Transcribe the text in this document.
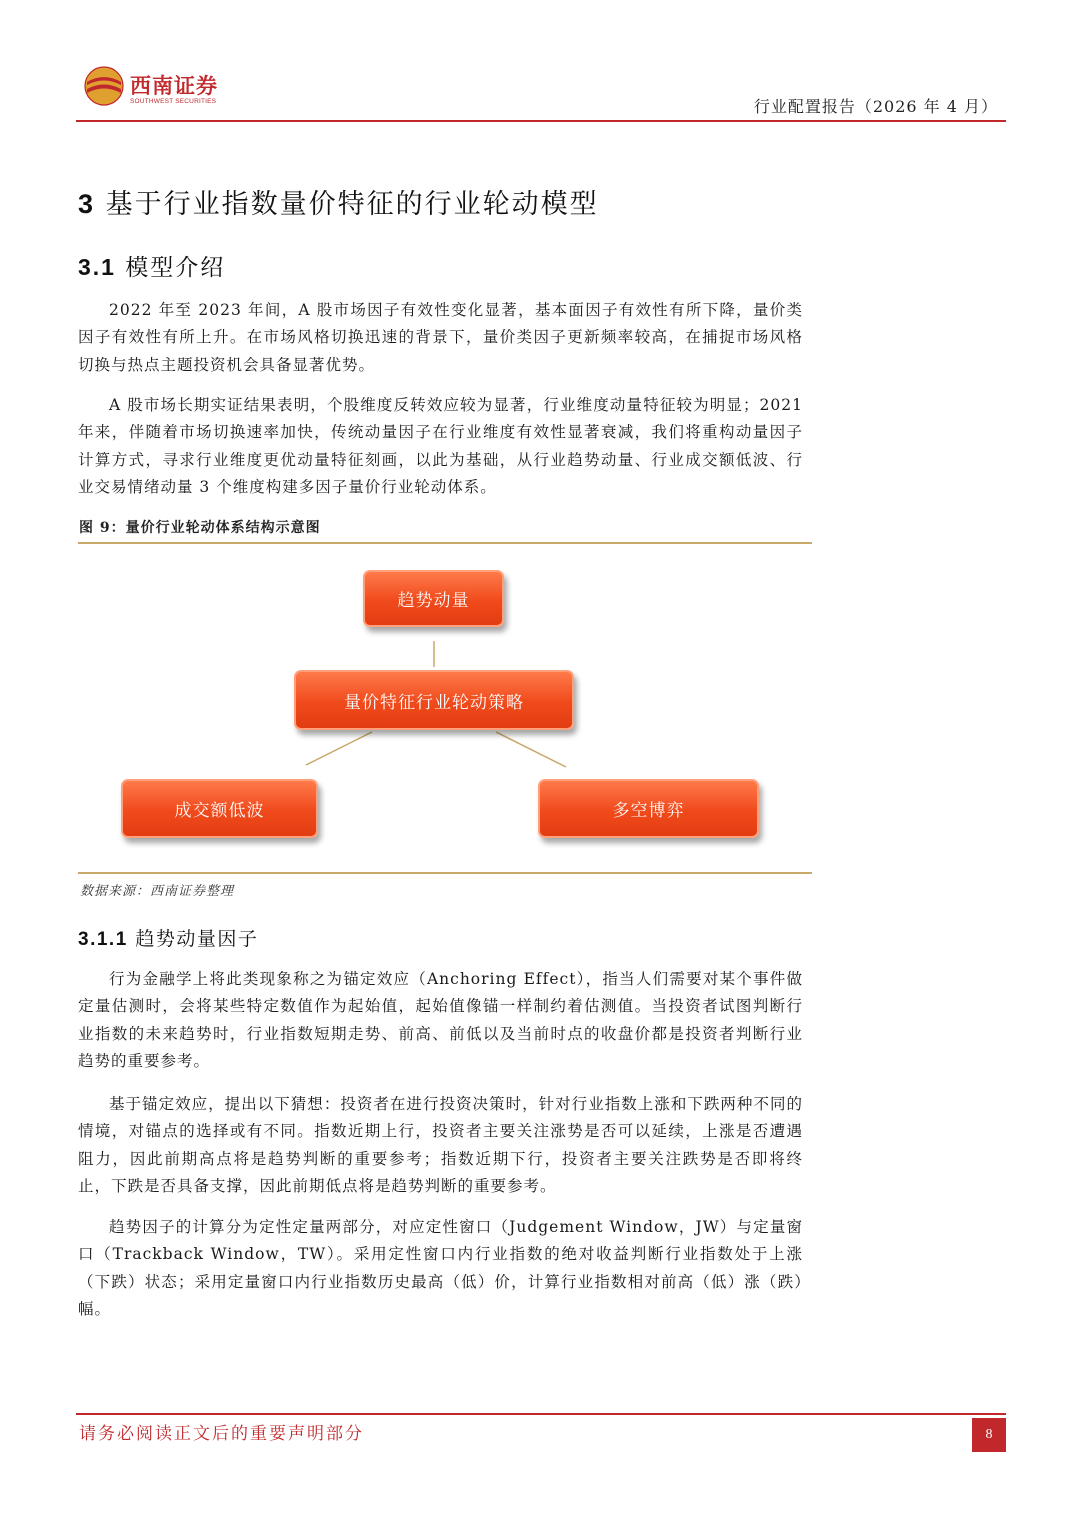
西南证券
SOUTHWEST SECURITIES	行业配置报告（2026 年 4 月）
3 基于行业指数量价特征的行业轮动模型
3.1 模型介绍

2022 年至 2023 年间，A 股市场因子有效性变化显著，基本面因子有效性有所下降，量价类因子有效性有所上升。在市场风格切换迅速的背景下，量价类因子更新频率较高，在捕捉市场风格切换与热点主题投资机会具备显著优势。

A 股市场长期实证结果表明，个股维度反转效应较为显著，行业维度动量特征较为明显；2021 年来，伴随着市场切换速率加快，传统动量因子在行业维度有效性显著衰减，我们将重构动量因子计算方式，寻求行业维度更优动量特征刻画，以此为基础，从行业趋势动量、行业成交额低波、行业交易情绪动量 3 个维度构建多因子量价行业轮动体系。

图 9：量价行业轮动体系结构示意图
趋势动量
量价特征行业轮动策略
成交额低波	多空博弈
数据来源：西南证券整理
3.1.1 趋势动量因子

行为金融学上将此类现象称之为锚定效应（Anchoring Effect），指当人们需要对某个事件做定量估测时，会将某些特定数值作为起始值，起始值像锚一样制约着估测值。当投资者试图判断行业指数的未来趋势时，行业指数短期走势、前高、前低以及当前时点的收盘价都是投资者判断行业趋势的重要参考。

基于锚定效应，提出以下猜想：投资者在进行投资决策时，针对行业指数上涨和下跌两种不同的情境，对锚点的选择或有不同。指数近期上行，投资者主要关注涨势是否可以延续，上涨是否遭遇阻力，因此前期高点将是趋势判断的重要参考；指数近期下行，投资者主要关注跌势是否即将终止，下跌是否具备支撑，因此前期低点将是趋势判断的重要参考。

趋势因子的计算分为定性定量两部分，对应定性窗口（Judgement Window，JW）与定量窗口（Trackback Window，TW）。采用定性窗口内行业指数的绝对收益判断行业指数处于上涨（下跌）状态；采用定量窗口内行业指数历史最高（低）价，计算行业指数相对前高（低）涨（跌）幅。

请务必阅读正文后的重要声明部分	8
